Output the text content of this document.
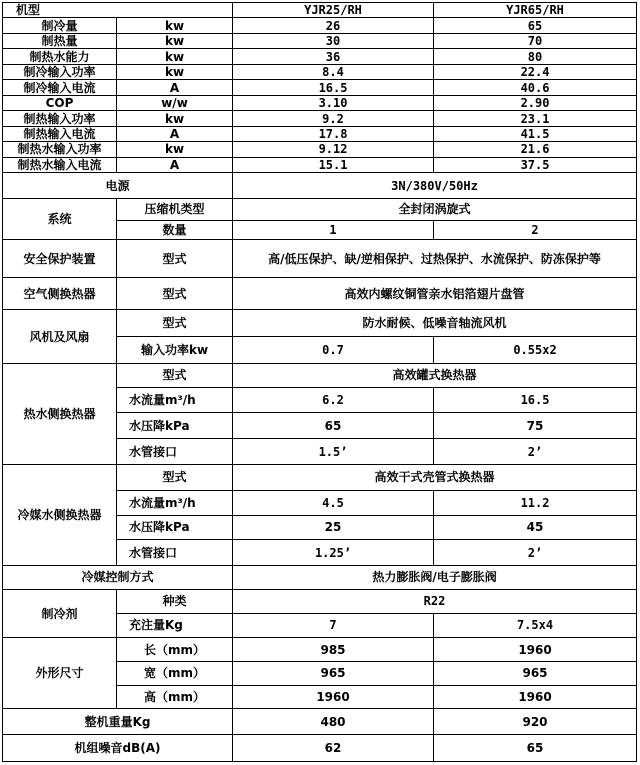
机型		YJR25/RH	YJR65/RH
制冷量	kw	26	65
制热量	kw	30	70
制热水能力	kw	36	80
制冷输入功率	kw	8.4	22.4
制冷输入电流	A	16.5	40.6
COP	w/w	3.10	2.90
制热输入功率	kw	9.2	23.1
制热输入电流	A	17.8	41.5
制热水输入功率	kw	9.12	21.6
制热水输入电流	A	15.1	37.5
电源		3N/380V/50Hz	
系统	压缩机类型	全封闭涡旋式	
	数量	1	2
安全保护装置	型式	高/低压保护、缺/逆相保护、过热保护、水流保护、防冻保护等	
空气侧换热器	型式	高效内螺纹铜管亲水铝箔翅片盘管	
风机及风扇	型式	防水耐候、低噪音轴流风机	
	输入功率kw	0.7	0.55x2
热水侧换热器	型式	高效罐式换热器	
	水流量m³/h	6.2	16.5
	水压降kPa	65	75
	水管接口	1.5’	2’
冷媒水侧换热器	型式	高效干式壳管式换热器	
	水流量m³/h	4.5	11.2
	水压降kPa	25	45
	水管接口	1.25’	2’
冷媒控制方式		热力膨胀阀/电子膨胀阀	
制冷剂	种类	R22	
	充注量Kg	7	7.5x4
外形尺寸	长（mm）	985	1960
	宽（mm）	965	965
	高（mm）	1960	1960
整机重量Kg		480	920
机组噪音dB(A)		62	65
